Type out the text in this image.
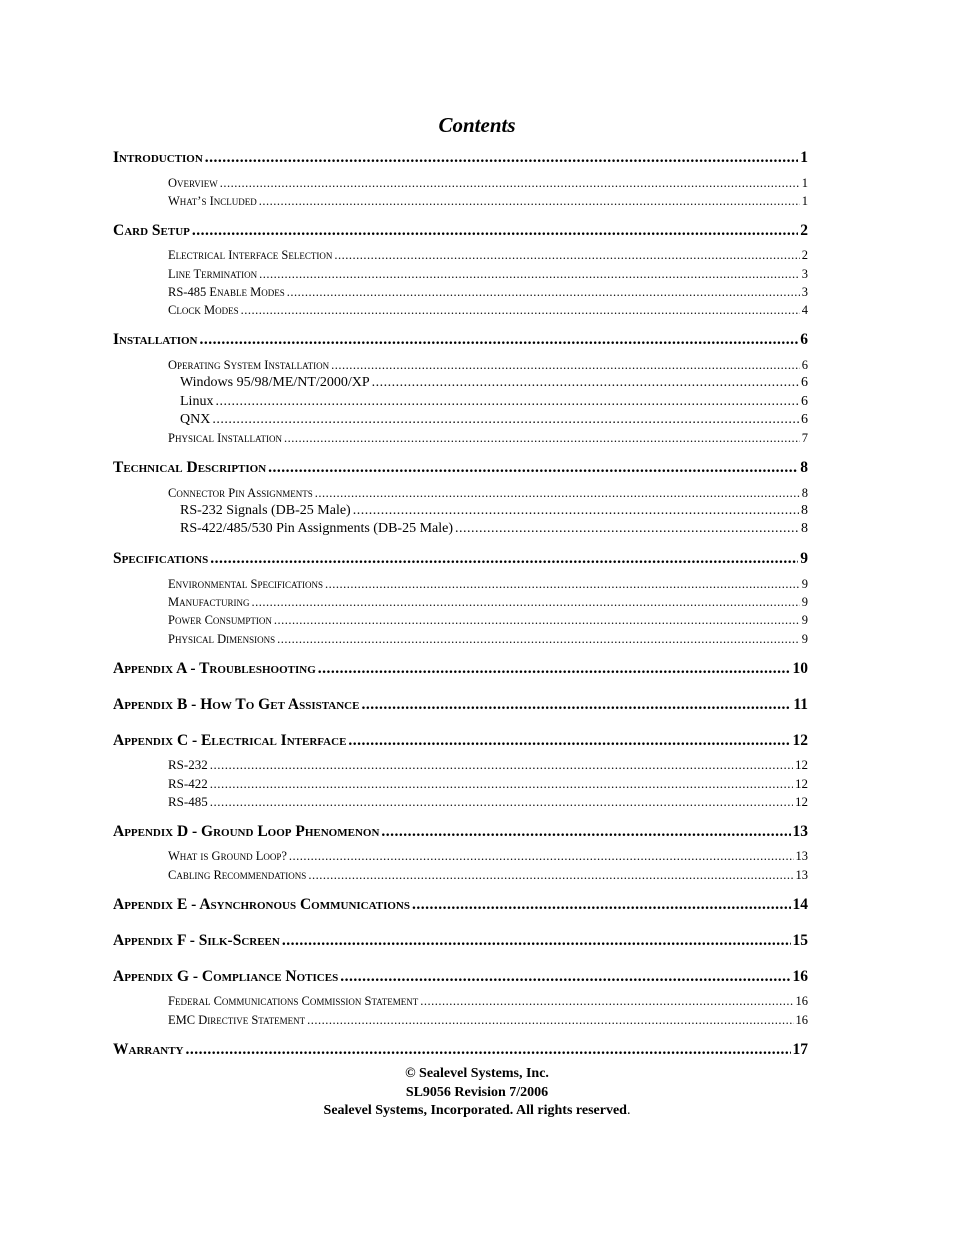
Contents
Introduction .....	1
Overview .....	1
What’s Included .....	1
Card Setup .....	2
Electrical Interface Selection .....	2
Line Termination .....	3
RS-485 Enable Modes .....	3
Clock Modes .....	4
Installation .....	6
Operating System Installation .....	6
Windows 95/98/ME/NT/2000/XP .....	6
Linux .....	6
QNX .....	6
Physical Installation .....	7
Technical Description .....	8
Connector Pin Assignments .....	8
RS-232 Signals (DB-25 Male) .....	8
RS-422/485/530 Pin Assignments (DB-25 Male) .....	8
Specifications .....	9
Environmental Specifications .....	9
Manufacturing .....	9
Power Consumption .....	9
Physical Dimensions .....	9
Appendix A - Troubleshooting .....	10
Appendix B - How To Get Assistance .....	11
Appendix C - Electrical Interface .....	12
RS-232 .....	12
RS-422 .....	12
RS-485 .....	12
Appendix D - Ground Loop Phenomenon .....	13
What is Ground Loop? .....	13
Cabling Recommendations .....	13
Appendix E - Asynchronous Communications .....	14
Appendix F - Silk-Screen .....	15
Appendix G - Compliance Notices .....	16
Federal Communications Commission Statement .....	16
EMC Directive Statement .....	16
Warranty .....	17
© Sealevel Systems, Inc.
SL9056 Revision 7/2006
Sealevel Systems, Incorporated. All rights reserved.
